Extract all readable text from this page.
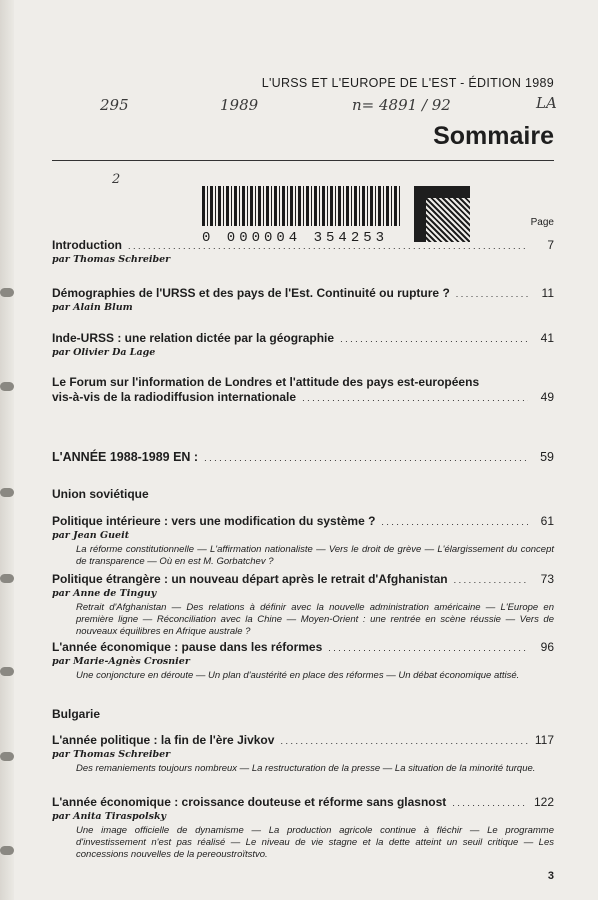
L'URSS ET L'EUROPE DE L'EST - ÉDITION 1989
295	1989	n= 4891 / 92	LA
2
Sommaire
0 000004 354253
Page
Introduction . . .	7
par Thomas Schreiber
Démographies de l'URSS et des pays de l'Est. Continuité ou rupture ? . . .	11
par Alain Blum
Inde-URSS : une relation dictée par la géographie . . .	41
par Olivier Da Lage
Le Forum sur l'information de Londres et l'attitude des pays est-européens
vis-à-vis de la radiodiffusion internationale . . .	49
L'ANNÉE 1988-1989 EN : . . .	59
Union soviétique
Politique intérieure : vers une modification du système ? . . .	61
par Jean Gueit
La réforme constitutionnelle — L'affirmation nationaliste — Vers le droit de grève — L'élargissement du concept de transparence — Où en est M. Gorbatchev ?
Politique étrangère : un nouveau départ après le retrait d'Afghanistan . . .	73
par Anne de Tinguy
Retrait d'Afghanistan — Des relations à définir avec la nouvelle administration américaine — L'Europe en première ligne — Réconciliation avec la Chine — Moyen-Orient : une rentrée en scène réussie — Vers de nouveaux équilibres en Afrique australe ?
L'année économique : pause dans les réformes . . .	96
par Marie-Agnès Crosnier
Une conjoncture en déroute — Un plan d'austérité en place des réformes — Un débat économique attisé.
Bulgarie
L'année politique : la fin de l'ère Jivkov . . .	117
par Thomas Schreiber
Des remaniements toujours nombreux — La restructuration de la presse — La situation de la minorité turque.
L'année économique : croissance douteuse et réforme sans glasnost . . .	122
par Anita Tiraspolsky
Une image officielle de dynamisme — La production agricole continue à fléchir — Le programme d'investissement n'est pas réalisé — Le niveau de vie stagne et la dette atteint un seuil critique — Les concessions nouvelles de la pereoustroïtstvo.
3
